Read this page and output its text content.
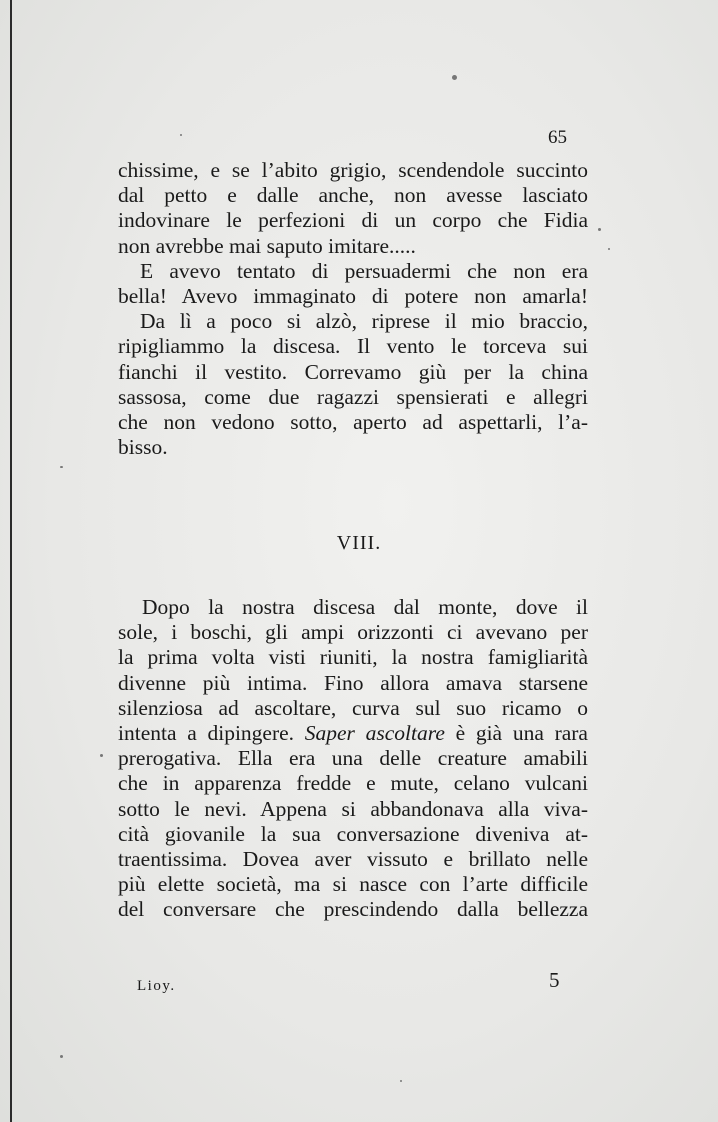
65
chissime, e se l’abito grigio, scendendole succinto
dal petto e dalle anche, non avesse lasciato
indovinare le perfezioni di un corpo che Fidia
non avrebbe mai saputo imitare.....
E avevo tentato di persuadermi che non era
bella! Avevo immaginato di potere non amarla!
Da lì a poco si alzò, riprese il mio braccio,
ripigliammo la discesa. Il vento le torceva sui
fianchi il vestito. Correvamo giù per la china
sassosa, come due ragazzi spensierati e allegri
che non vedono sotto, aperto ad aspettarli, l’a-
bisso.
VIII.
Dopo la nostra discesa dal monte, dove il
sole, i boschi, gli ampi orizzonti ci avevano per
la prima volta visti riuniti, la nostra famigliarità
divenne più intima. Fino allora amava starsene
silenziosa ad ascoltare, curva sul suo ricamo o
intenta a dipingere. Saper ascoltare è già una rara
prerogativa. Ella era una delle creature amabili
che in apparenza fredde e mute, celano vulcani
sotto le nevi. Appena si abbandonava alla viva-
cità giovanile la sua conversazione diveniva at-
traentissima. Dovea aver vissuto e brillato nelle
più elette società, ma si nasce con l’arte difficile
del conversare che prescindendo dalla bellezza
Lioy.	5
